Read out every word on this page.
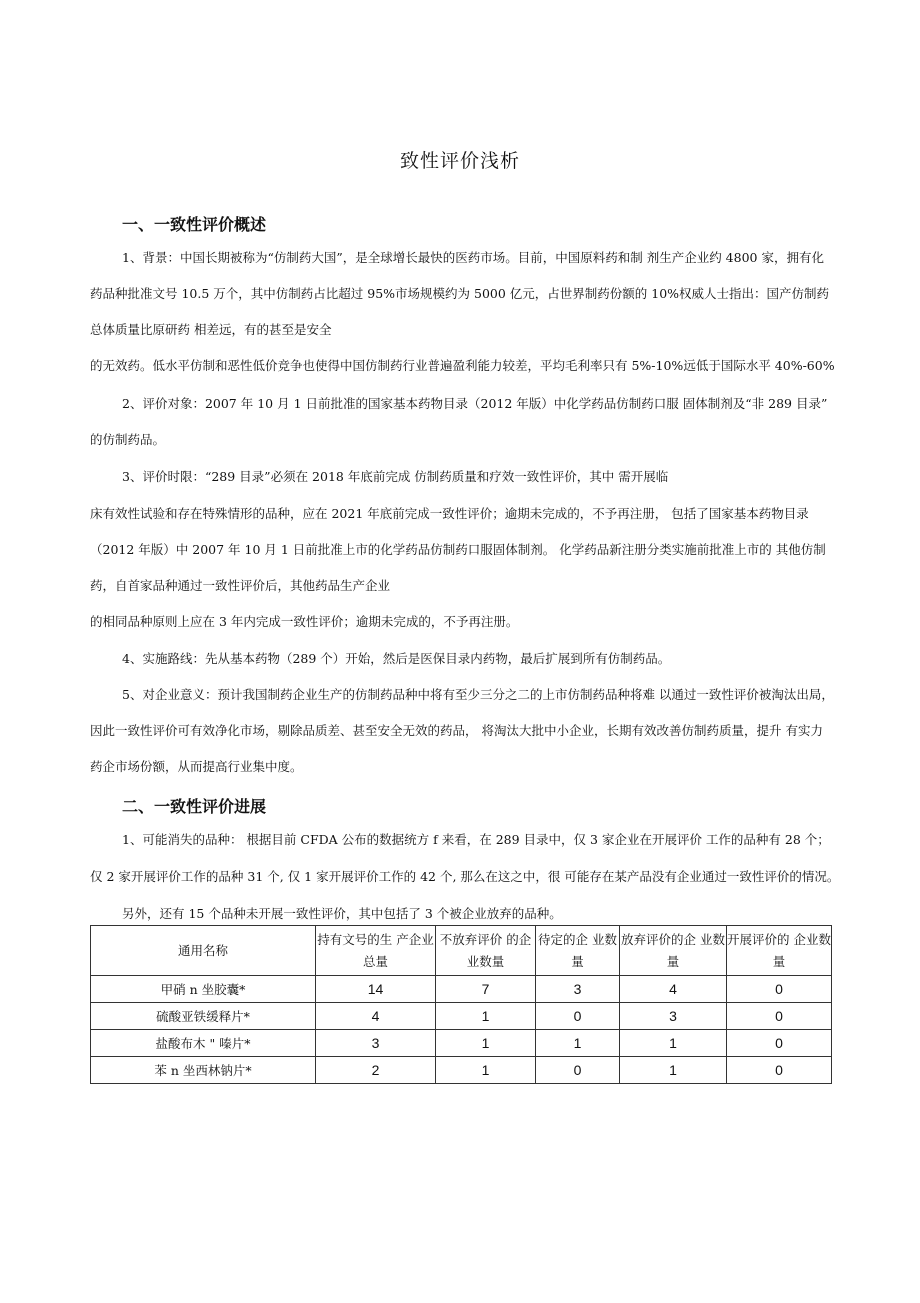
致性评价浅析
一、一致性评价概述
1、背景：中国长期被称为“仿制药大国”，是全球增长最快的医药市场。目前，中国原料药和制 剂生产企业约 4800 家，拥有化
药品种批准文号 10.5 万个，其中仿制药占比超过 95%市场规模约为 5000 亿元，占世界制药份额的 10%权威人士指出：国产仿制药
总体质量比原研药 相差远，有的甚至是安全
的无效药。低水平仿制和恶性低价竞争也使得中国仿制药行业普遍盈利能力较差，平均毛利率只有 5%-10%远低于国际水平 40%-60%
2、评价对象：2007 年 10 月 1 日前批准的国家基本药物目录（2012 年版）中化学药品仿制药口服 固体制剂及“非 289 目录”
的仿制药品。
3、评价时限：“289 目录”必须在 2018 年底前完成 仿制药质量和疗效一致性评价，其中 需开展临
床有效性试验和存在特殊情形的品种，应在 2021 年底前完成一致性评价；逾期未完成的，不予再注册， 包括了国家基本药物目录
（2012 年版）中 2007 年 10 月 1 日前批准上市的化学药品仿制药口服固体制剂。 化学药品新注册分类实施前批准上市的 其他仿制
药，自首家品种通过一致性评价后，其他药品生产企业
的相同品种原则上应在 3 年内完成一致性评价；逾期未完成的，不予再注册。
4、实施路线：先从基本药物（289 个）开始，然后是医保目录内药物，最后扩展到所有仿制药品。
5、对企业意义：预计我国制药企业生产的仿制药品种中将有至少三分之二的上市仿制药品种将难 以通过一致性评价被淘汰出局，
因此一致性评价可有效净化市场，剔除品质差、甚至安全无效的药品， 将淘汰大批中小企业，长期有效改善仿制药质量，提升 有实力
药企市场份额，从而提高行业集中度。
二、一致性评价进展
1、可能消失的品种： 根据目前 CFDA 公布的数据统方 f 来看，在 289 目录中，仅 3 家企业在开展评价 工作的品种有 28 个；
仅 2 家开展评价工作的品种 31 个, 仅 1 家开展评价工作的 42 个, 那么在这之中，很 可能存在某产品没有企业通过一致性评价的情况。
另外，还有 15 个品种未开展一致性评价，其中包括了 3 个被企业放弃的品种。
通用名称	持有文号的生 产企业总量	不放弃评价 的企业数量	待定的企 业数量	放弃评价的企 业数量	开展评价的 企业数量
甲硝 n 坐胶囊*	14	7	3	4	0
硫酸亚铁缓释片*	4	1	0	3	0
盐酸布木 " 嗪片*	3	1	1	1	0
苯 n 坐西林钠片*	2	1	0	1	0
